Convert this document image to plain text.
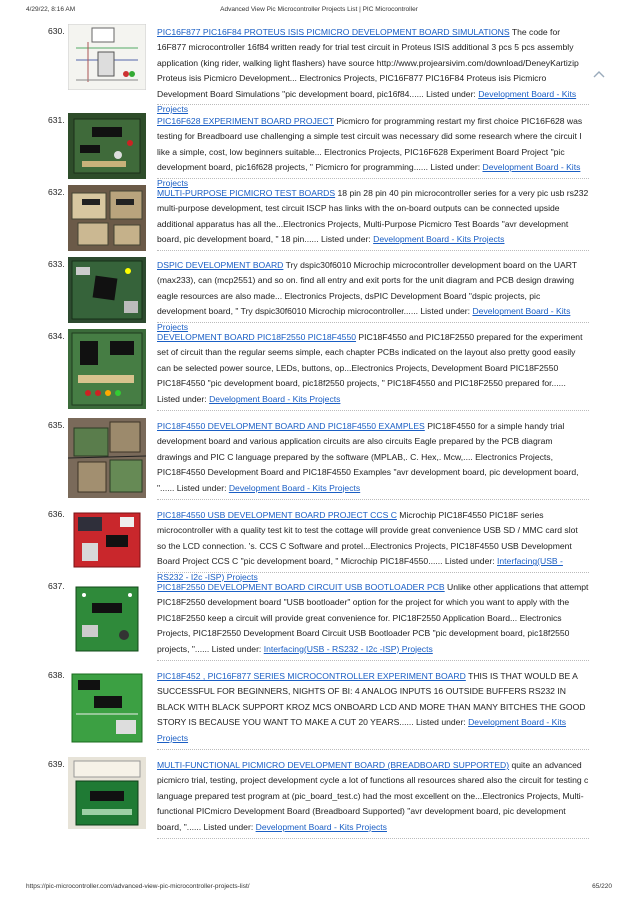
4/29/22, 8:16 AM	Advanced View Pic Microcontroller Projects List | PIC Microcontroller
630.	PIC16F877 PIC16F84 PROTEUS ISIS PICMICRO DEVELOPMENT BOARD SIMULATIONS The code for 16F877 microcontroller 16f84 written ready for trial test circuit in Proteus ISIS additional 3 pcs 5 pcs assembly application (king rider, walking light flashers) have source http://www.projearsivim.com/download/DeneyKartizip Proteus isis Picmicro Development... Electronics Projects, PIC16F877 PIC16F84 Proteus isis Picmicro Development Board Simulations "pic development board, pic16f84...... Listed under: Development Board - Kits Projects
631.	PIC16F628 EXPERIMENT BOARD PROJECT Picmicro for programming restart my first choice PIC16F628 was testing for Breadboard use challenging a simple test circuit was necessary did some research where the circuit I like a simple, cost, low beginners suitable... Electronics Projects, PIC16F628 Experiment Board Project "pic development board, pic16f628 projects, " Picmicro for programming...... Listed under: Development Board - Kits Projects
632.	MULTI-PURPOSE PICMICRO TEST BOARDS 18 pin 28 pin 40 pin microcontroller series for a very pic usb rs232 multi-purpose development, test circuit ISCP has links with the on-board outputs can be connected upside additional apparatus has all the...Electronics Projects, Multi-Purpose Picmicro Test Boards "avr development board, pic development board, " 18 pin...... Listed under: Development Board - Kits Projects
633.	DSPIC DEVELOPMENT BOARD Try dspic30f6010 Microchip microcontroller development board on the UART (max233), can (mcp2551) and so on. find all entry and exit ports for the unit diagram and PCB design drawing eagle resources are also made... Electronics Projects, dsPIC Development Board "dspic projects, pic development board, " Try dspic30f6010 Microchip microcontroller...... Listed under: Development Board - Kits Projects
634.	DEVELOPMENT BOARD PIC18F2550 PIC18F4550 PIC18F4550 and PIC18F2550 prepared for the experiment set of circuit than the regular seems simple, each chapter PCBs indicated on the layout also pretty good easily can be selected power source, LEDs, buttons, op...Electronics Projects, Development Board PIC18F2550 PIC18F4550 "pic development board, pic18f2550 projects, " PIC18F4550 and PIC18F2550 prepared for...... Listed under: Development Board - Kits Projects
635.	PIC18F4550 DEVELOPMENT BOARD AND PIC18F4550 EXAMPLES PIC18F4550 for a simple handy trial development board and various application circuits are also circuits Eagle prepared by the PCB diagram drawings and PIC C language prepared by the software (MPLAB,. C. Hex,. Mcw,.... Electronics Projects, PIC18F4550 Development Board and PIC18F4550 Examples "avr development board, pic development board, "...... Listed under: Development Board - Kits Projects
636.	PIC18F4550 USB DEVELOPMENT BOARD PROJECT CCS C Microchip PIC18F4550 PIC18F series microcontroller with a quality test kit to test the cottage will provide great convenience USB SD / MMC card slot so the LCD connection. 's. CCS C Software and protel...Electronics Projects, PIC18F4550 USB Development Board Project CCS C "pic development board, " Microchip PIC18F4550...... Listed under: Interfacing(USB - RS232 - I2c -ISP) Projects
637.	PIC18F2550 DEVELOPMENT BOARD CIRCUIT USB BOOTLOADER PCB Unlike other applications that attempt PIC18F2550 development board "USB bootloader" option for the project for which you want to apply with the PIC18F2550 keep a circuit will provide great convenience for. PIC18F2550 Application Board... Electronics Projects, PIC18F2550 Development Board Circuit USB Bootloader PCB "pic development board, pic18f2550 projects, "...... Listed under: Interfacing(USB - RS232 - I2c -ISP) Projects
638.	PIC18F452 , PIC16F877 SERIES MICROCONTROLLER EXPERIMENT BOARD THIS IS THAT WOULD BE A SUCCESSFUL FOR BEGINNERS, NIGHTS OF BI: 4 ANALOG INPUTS 16 OUTSIDE BUFFERS RS232 IN BLACK WITH BLACK SUPPORT KROZ MCS ONBOARD LCD AND MORE THAN MANY BITCHES THE GOOD STORY IS BECAUSE YOU WANT TO MAKE A CUT 20 YEARS...... Listed under: Development Board - Kits Projects
639.	MULTI-FUNCTIONAL PICMICRO DEVELOPMENT BOARD (BREADBOARD SUPPORTED) quite an advanced picmicro trial, testing, project development cycle a lot of functions all resources shared also the circuit for testing c language prepared test program at (pic_board_test.c) had the most excellent on the...Electronics Projects, Multi-functional PICmicro Development Board (Breadboard Supported) "avr development board, pic development board, "...... Listed under: Development Board - Kits Projects
https://pic-microcontroller.com/advanced-view-pic-microcontroller-projects-list/	65/220
